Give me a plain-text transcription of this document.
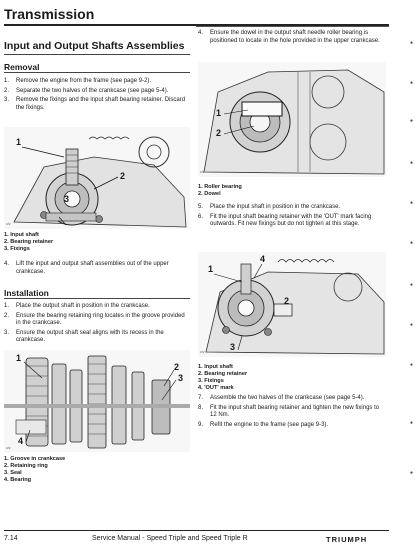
Transmission
Input and Output Shafts Assemblies
Removal
1.	Remove the engine from the frame (see page 9-2).
2.	Separate the two halves of the crankcase (see page 5-4).
3.	Remove the fixings and the input shaft bearing retainer. Discard the fixings.
1
2
3
c/v
1. Input shaft
2. Bearing retainer
3. Fixings
4.	Lift the input and output shaft assemblies out of the upper crankcase.
Installation
1.	Place the output shaft in position in the crankcase.
2.	Ensure the bearing retaining ring locates in the groove provided in the crankcase.
3.	Ensure the output shaft seal aligns with its recess in the crankcase.
1
2
3
4
c/v
1. Groove in crankcase
2. Retaining ring
3. Seal
4. Bearing
4.	Ensure the dowel in the output shaft needle roller bearing is positioned to locate in the hole provided in the upper crankcase.
1
2
c/v
1. Roller bearing
2. Dowel
5.	Place the input shaft in position in the crankcase.
6.	Fit the input shaft bearing retainer with the 'OUT' mark facing outwards. Fit new fixings but do not tighten at this stage.
1
2
3
4
c/v
1. Input shaft
2. Bearing retainer
3. Fixings
4. 'OUT' mark
7.	Assemble the two halves of the crankcase (see page 5-4).
8.	Fit the input shaft bearing retainer and tighten the new fixings to 12 Nm.
9.	Refit the engine to the frame (see page 9-3).
●
●
●
●
●
●
●
●
●
●
●
7.14	Service Manual - Speed Triple and Speed Triple R	TRIUMPH
